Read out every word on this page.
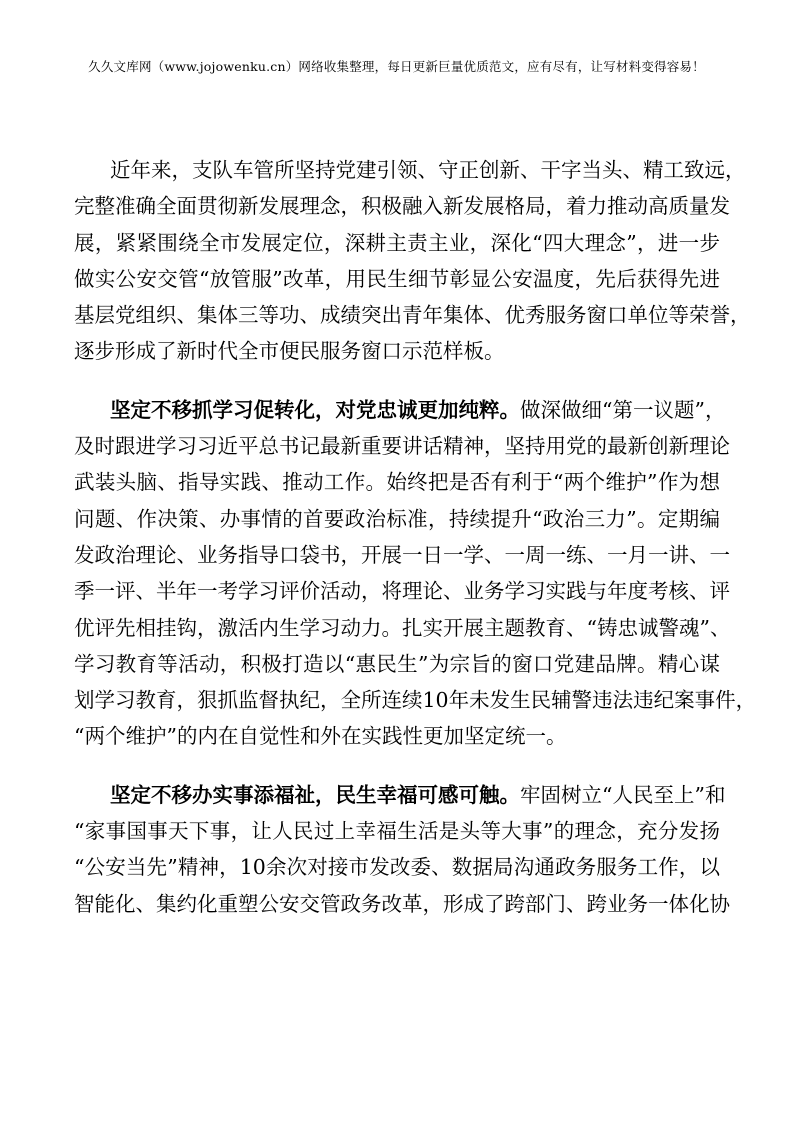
久久文库网（www.jojowenku.cn）网络收集整理，每日更新巨量优质范文，应有尽有，让写材料变得容易！

近年来，支队车管所坚持党建引领、守正创新、干字当头、精工致远，
完整准确全面贯彻新发展理念，积极融入新发展格局，着力推动高质量发
展，紧紧围绕全市发展定位，深耕主责主业，深化“四大理念”，进一步
做实公安交管“放管服”改革，用民生细节彰显公安温度，先后获得先进
基层党组织、集体三等功、成绩突出青年集体、优秀服务窗口单位等荣誉，
逐步形成了新时代全市便民服务窗口示范样板。

坚定不移抓学习促转化，对党忠诚更加纯粹。做深做细“第一议题”，
及时跟进学习习近平总书记最新重要讲话精神，坚持用党的最新创新理论
武装头脑、指导实践、推动工作。始终把是否有利于“两个维护”作为想
问题、作决策、办事情的首要政治标准，持续提升“政治三力”。定期编
发政治理论、业务指导口袋书，开展一日一学、一周一练、一月一讲、一
季一评、半年一考学习评价活动，将理论、业务学习实践与年度考核、评
优评先相挂钩，激活内生学习动力。扎实开展主题教育、“铸忠诚警魂”、
学习教育等活动，积极打造以“惠民生”为宗旨的窗口党建品牌。精心谋
划学习教育，狠抓监督执纪，全所连续10年未发生民辅警违法违纪案事件，
“两个维护”的内在自觉性和外在实践性更加坚定统一。

坚定不移办实事添福祉，民生幸福可感可触。牢固树立“人民至上”和
“家事国事天下事，让人民过上幸福生活是头等大事”的理念，充分发扬
“公安当先”精神，10余次对接市发改委、数据局沟通政务服务工作，以
智能化、集约化重塑公安交管政务改革，形成了跨部门、跨业务一体化协
